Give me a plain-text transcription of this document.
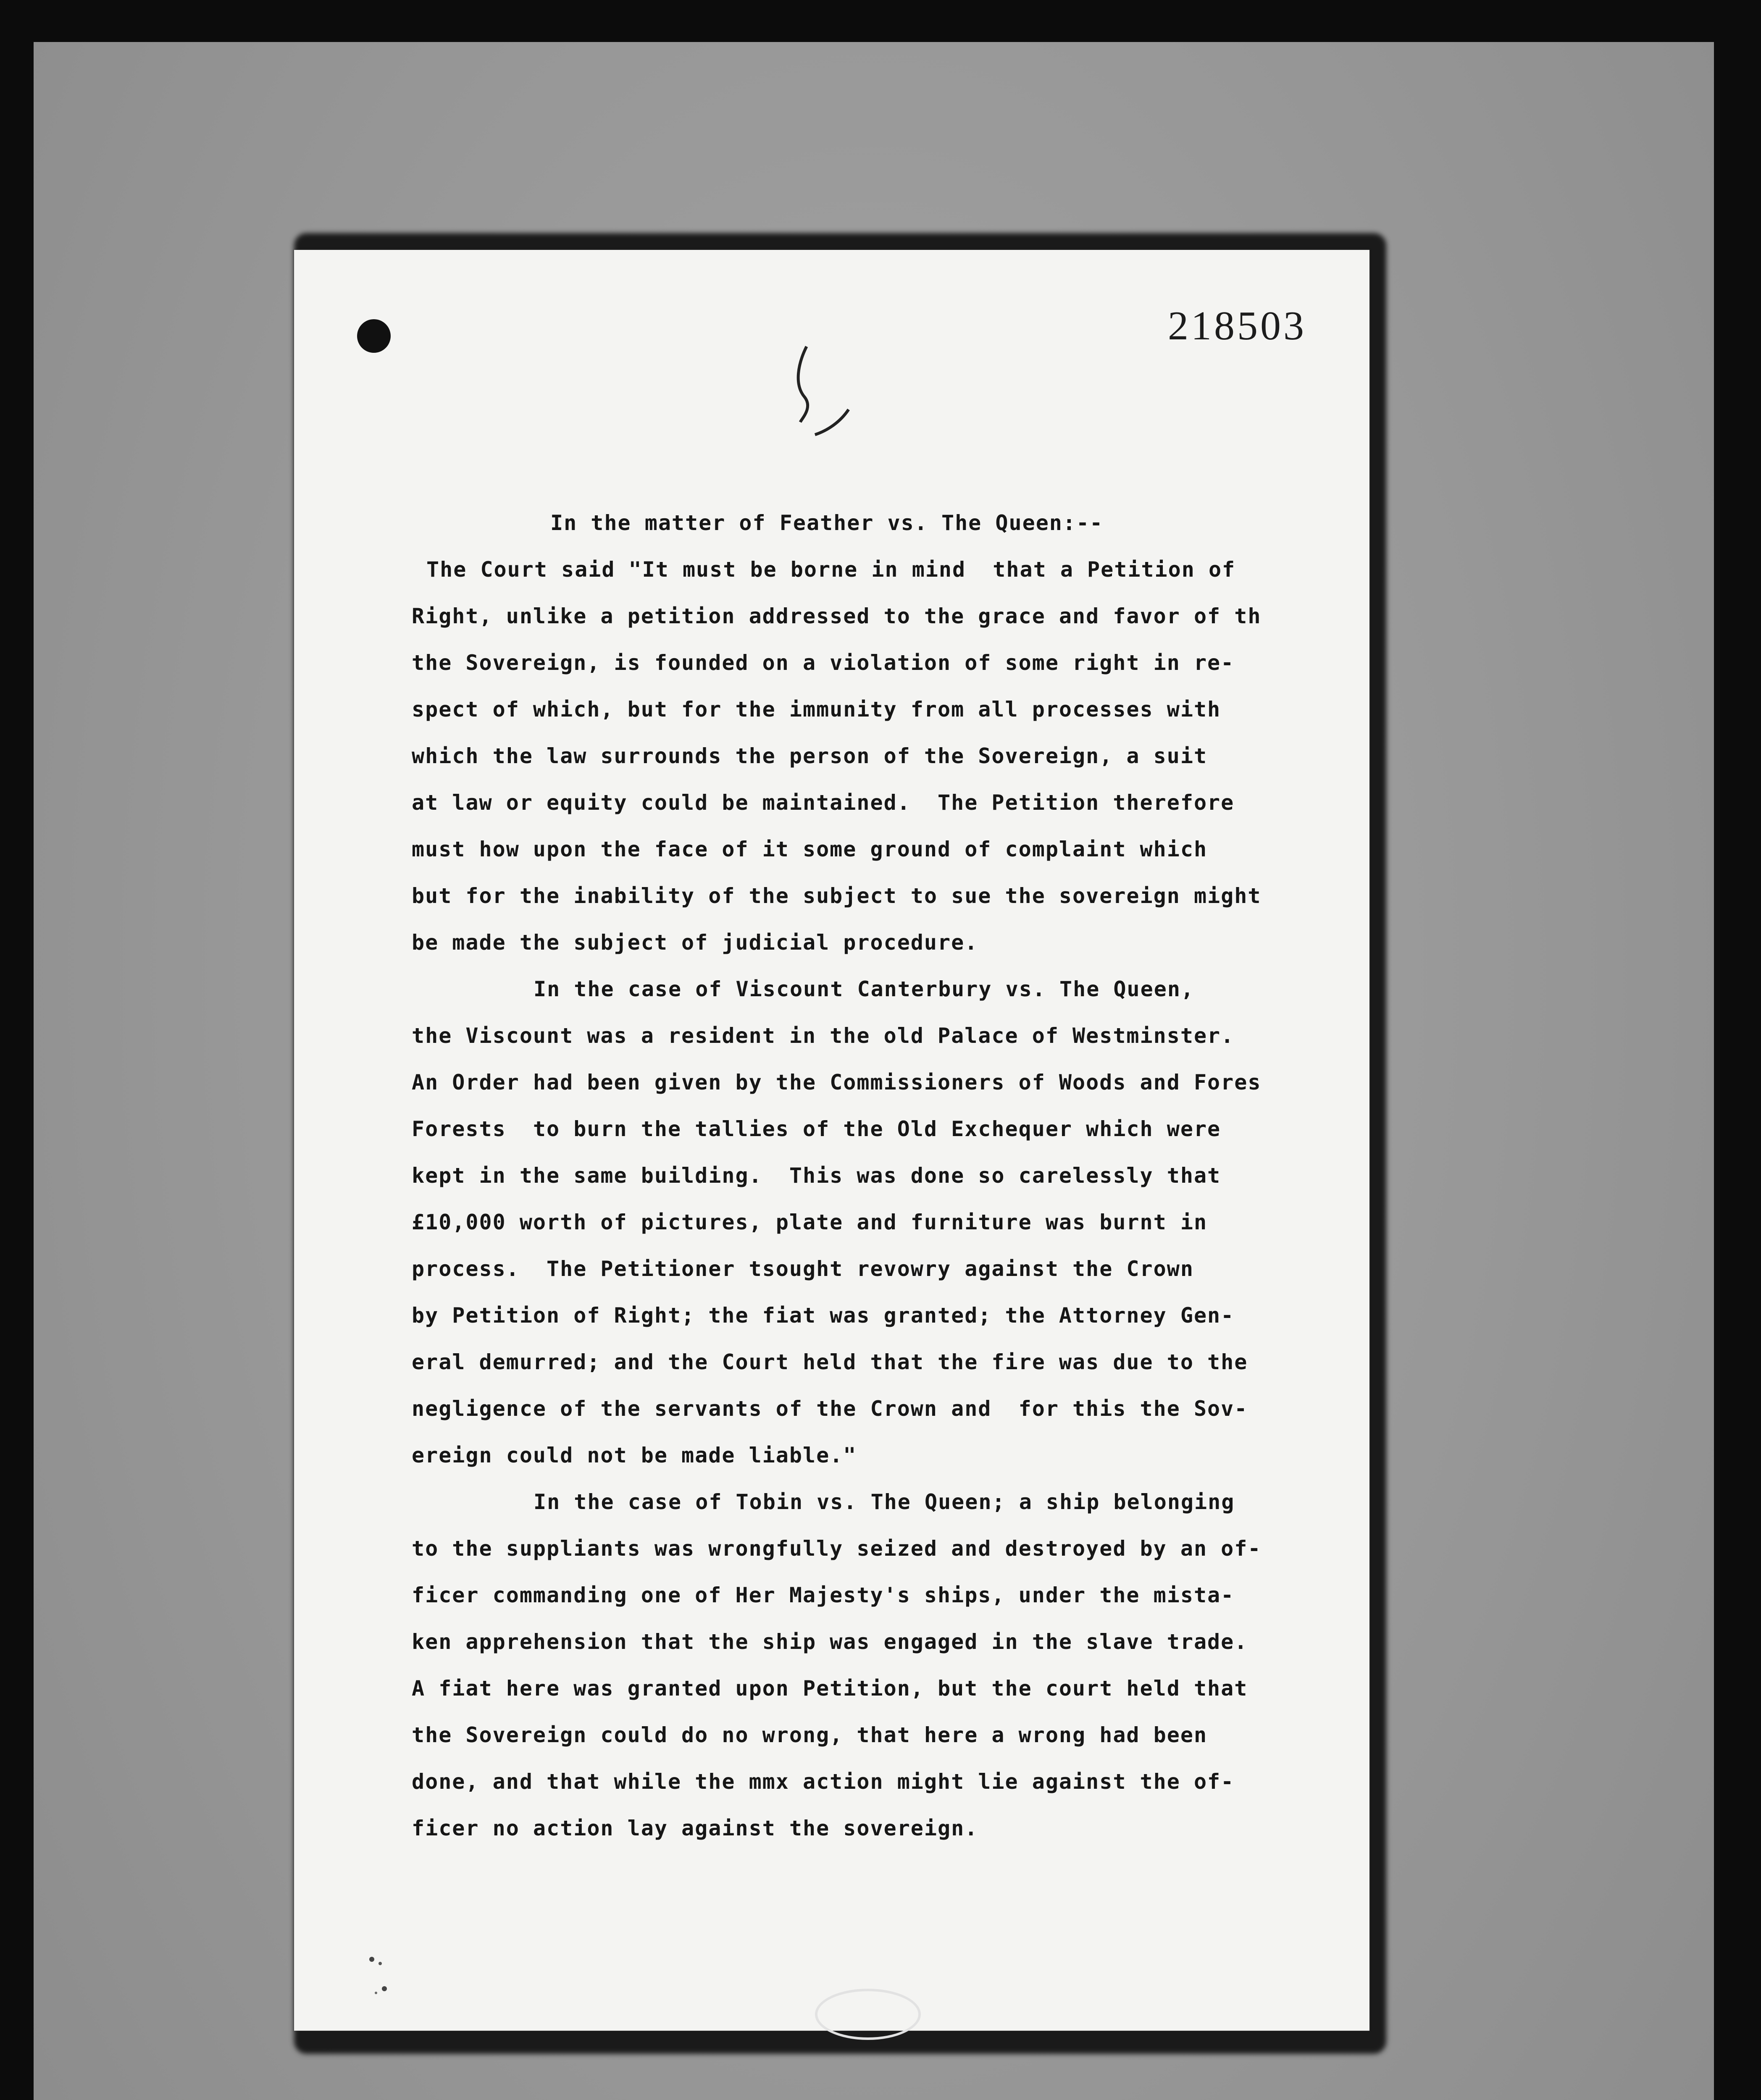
218503
4
In the matter of Feather vs. The Queen:--
The Court said "It must be borne in mind  that a Petition of
Right, unlike a petition addressed to the grace and favor of th
the Sovereign, is founded on a violation of some right in re-
spect of which, but for the immunity from all processes with
which the law surrounds the person of the Sovereign, a suit
at law or equity could be maintained.  The Petition therefore
must how upon the face of it some ground of complaint which
but for the inability of the subject to sue the sovereign might
be made the subject of judicial procedure.
In the case of Viscount Canterbury vs. The Queen,
the Viscount was a resident in the old Palace of Westminster.
An Order had been given by the Commissioners of Woods and Fores
Forests  to burn the tallies of the Old Exchequer which were
kept in the same building.  This was done so carelessly that
£10,000 worth of pictures, plate and furniture was burnt in
process.  The Petitioner tsought revowry against the Crown
by Petition of Right; the fiat was granted; the Attorney Gen-
eral demurred; and the Court held that the fire was due to the
negligence of the servants of the Crown and  for this the Sov-
ereign could not be made liable."
In the case of Tobin vs. The Queen; a ship belonging
to the suppliants was wrongfully seized and destroyed by an of-
ficer commanding one of Her Majesty's ships, under the mista-
ken apprehension that the ship was engaged in the slave trade.
A fiat here was granted upon Petition, but the court held that
the Sovereign could do no wrong, that here a wrong had been
done, and that while the mmx action might lie against the of-
ficer no action lay against the sovereign.
